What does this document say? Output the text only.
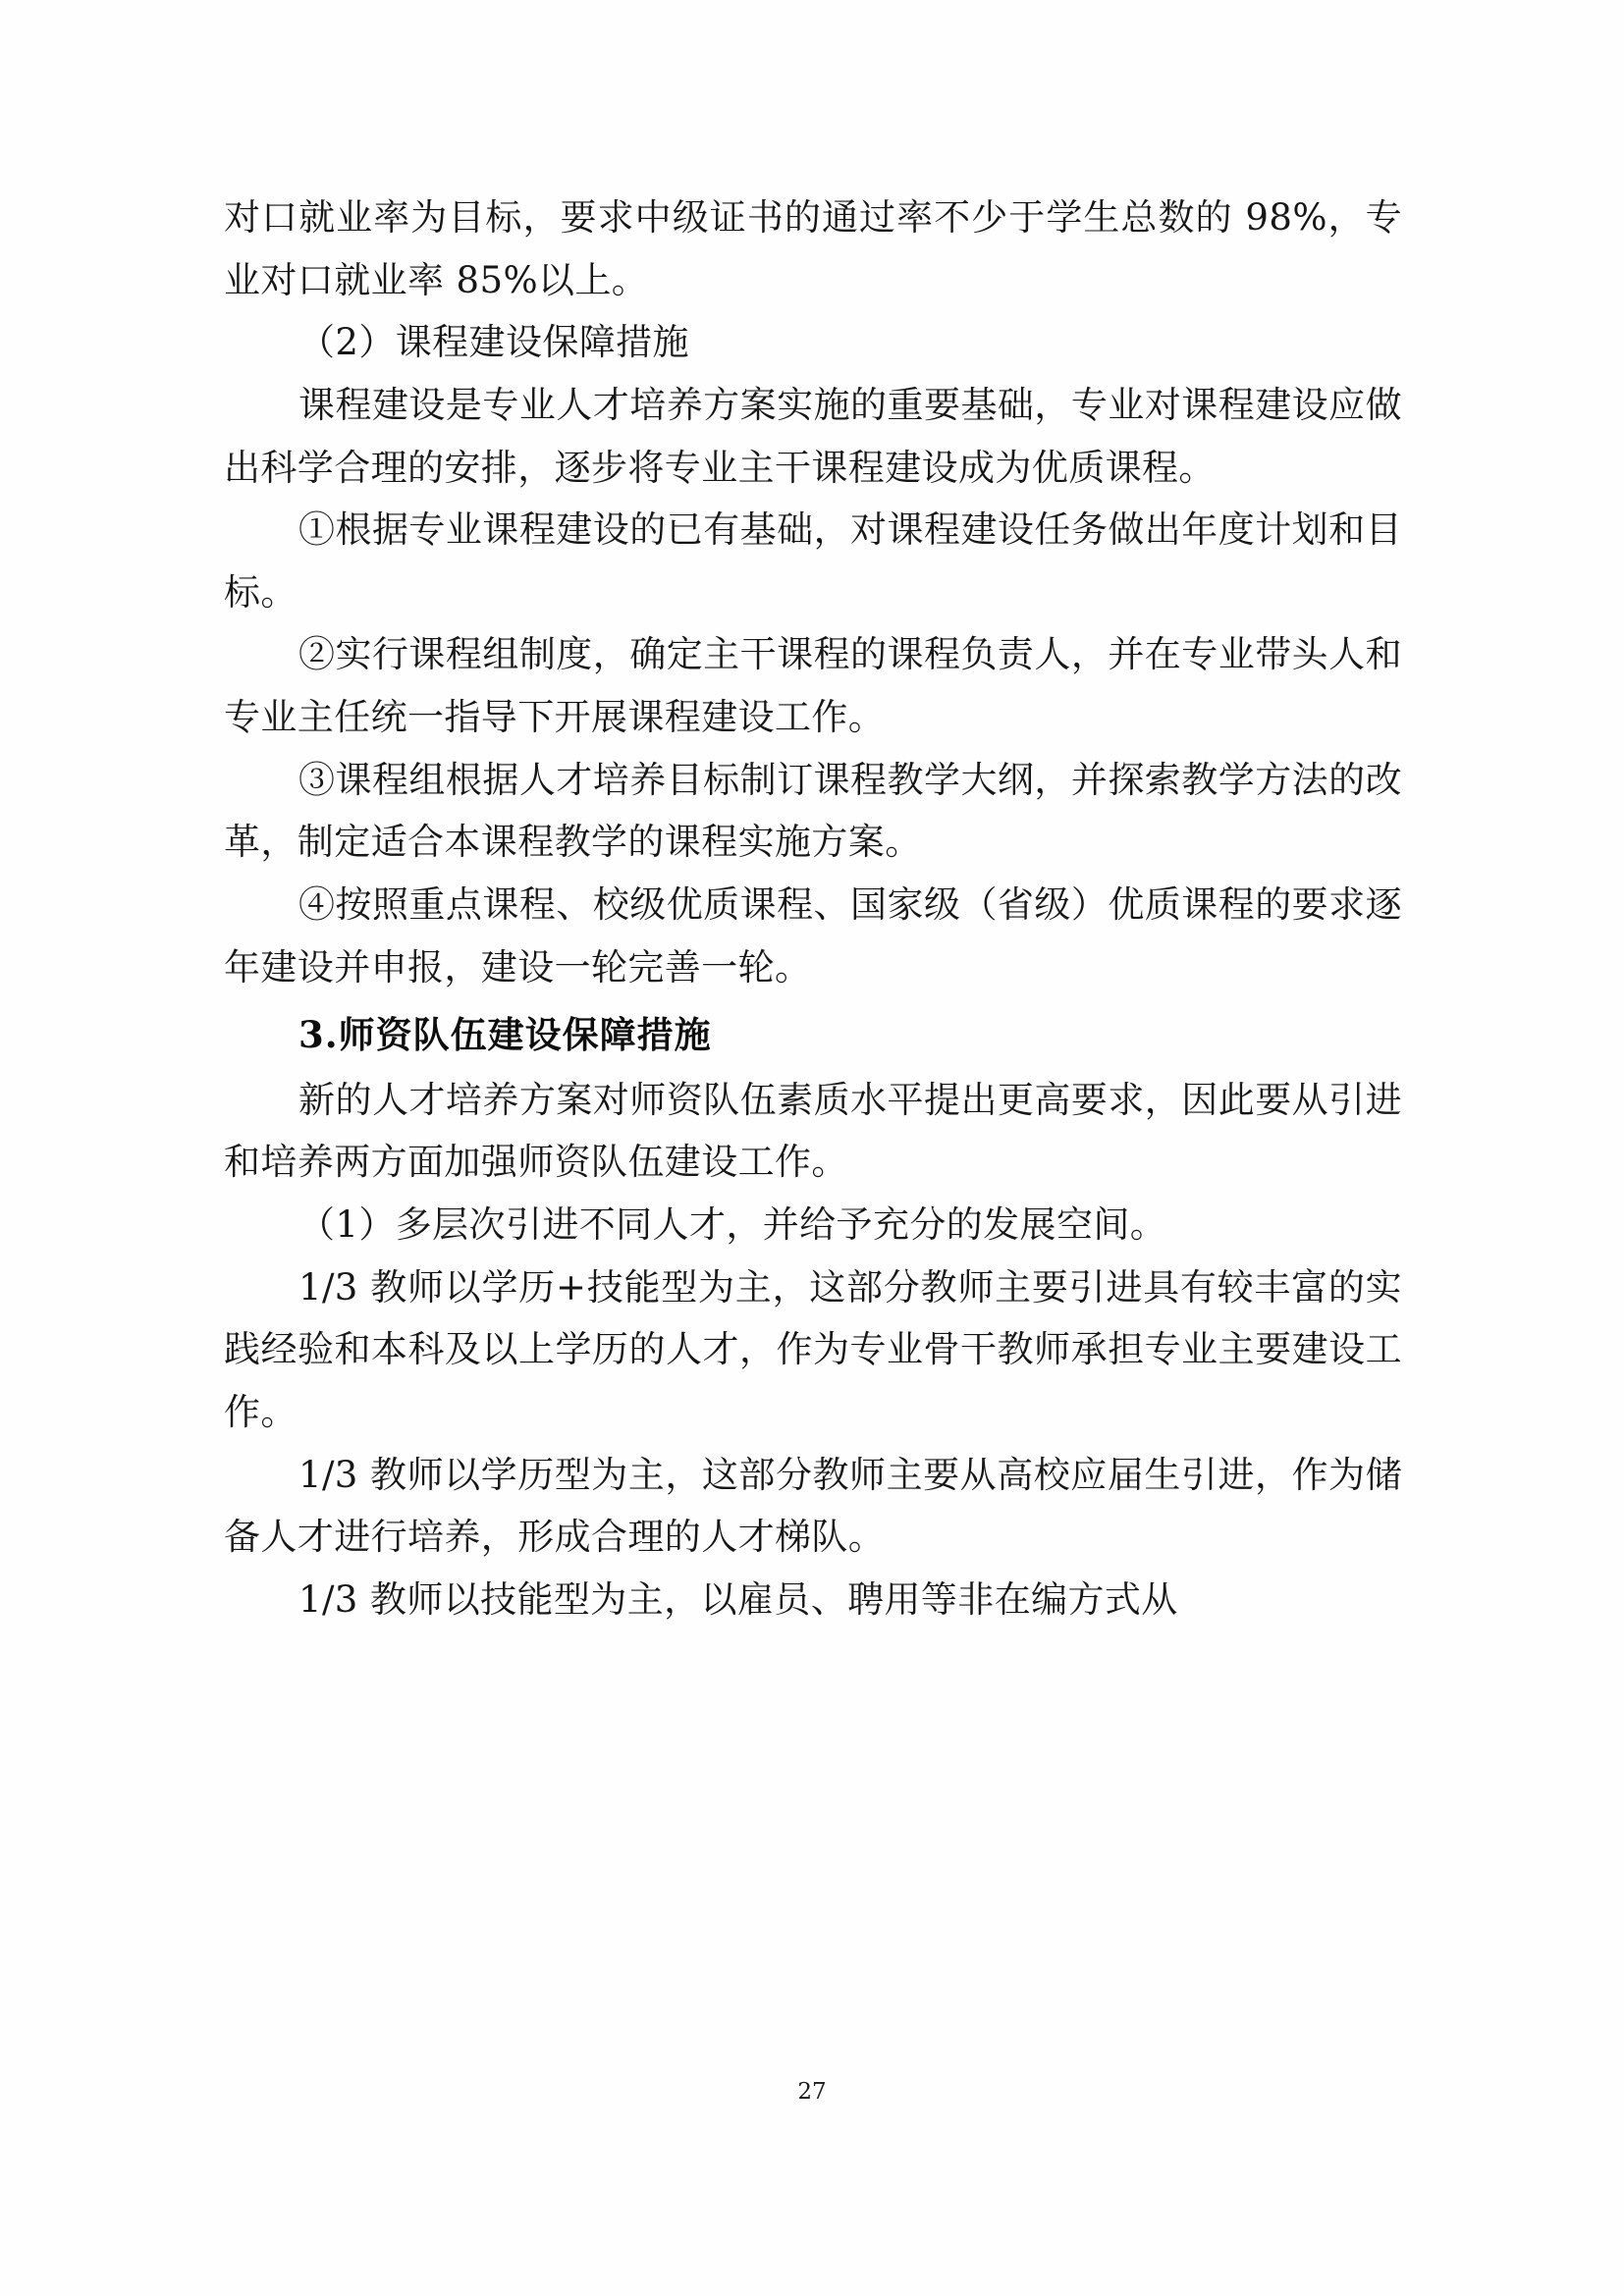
对口就业率为目标，要求中级证书的通过率不少于学生总数的 98%，专业对口就业率 85%以上。

（2）课程建设保障措施

课程建设是专业人才培养方案实施的重要基础，专业对课程建设应做出科学合理的安排，逐步将专业主干课程建设成为优质课程。

①根据专业课程建设的已有基础，对课程建设任务做出年度计划和目标。

②实行课程组制度，确定主干课程的课程负责人，并在专业带头人和专业主任统一指导下开展课程建设工作。

③课程组根据人才培养目标制订课程教学大纲，并探索教学方法的改革，制定适合本课程教学的课程实施方案。

④按照重点课程、校级优质课程、国家级（省级）优质课程的要求逐年建设并申报，建设一轮完善一轮。

3.师资队伍建设保障措施

新的人才培养方案对师资队伍素质水平提出更高要求，因此要从引进和培养两方面加强师资队伍建设工作。

（1）多层次引进不同人才，并给予充分的发展空间。

1/3 教师以学历+技能型为主，这部分教师主要引进具有较丰富的实践经验和本科及以上学历的人才，作为专业骨干教师承担专业主要建设工作。

1/3 教师以学历型为主，这部分教师主要从高校应届生引进，作为储备人才进行培养，形成合理的人才梯队。

1/3 教师以技能型为主，以雇员、聘用等非在编方式从

27
